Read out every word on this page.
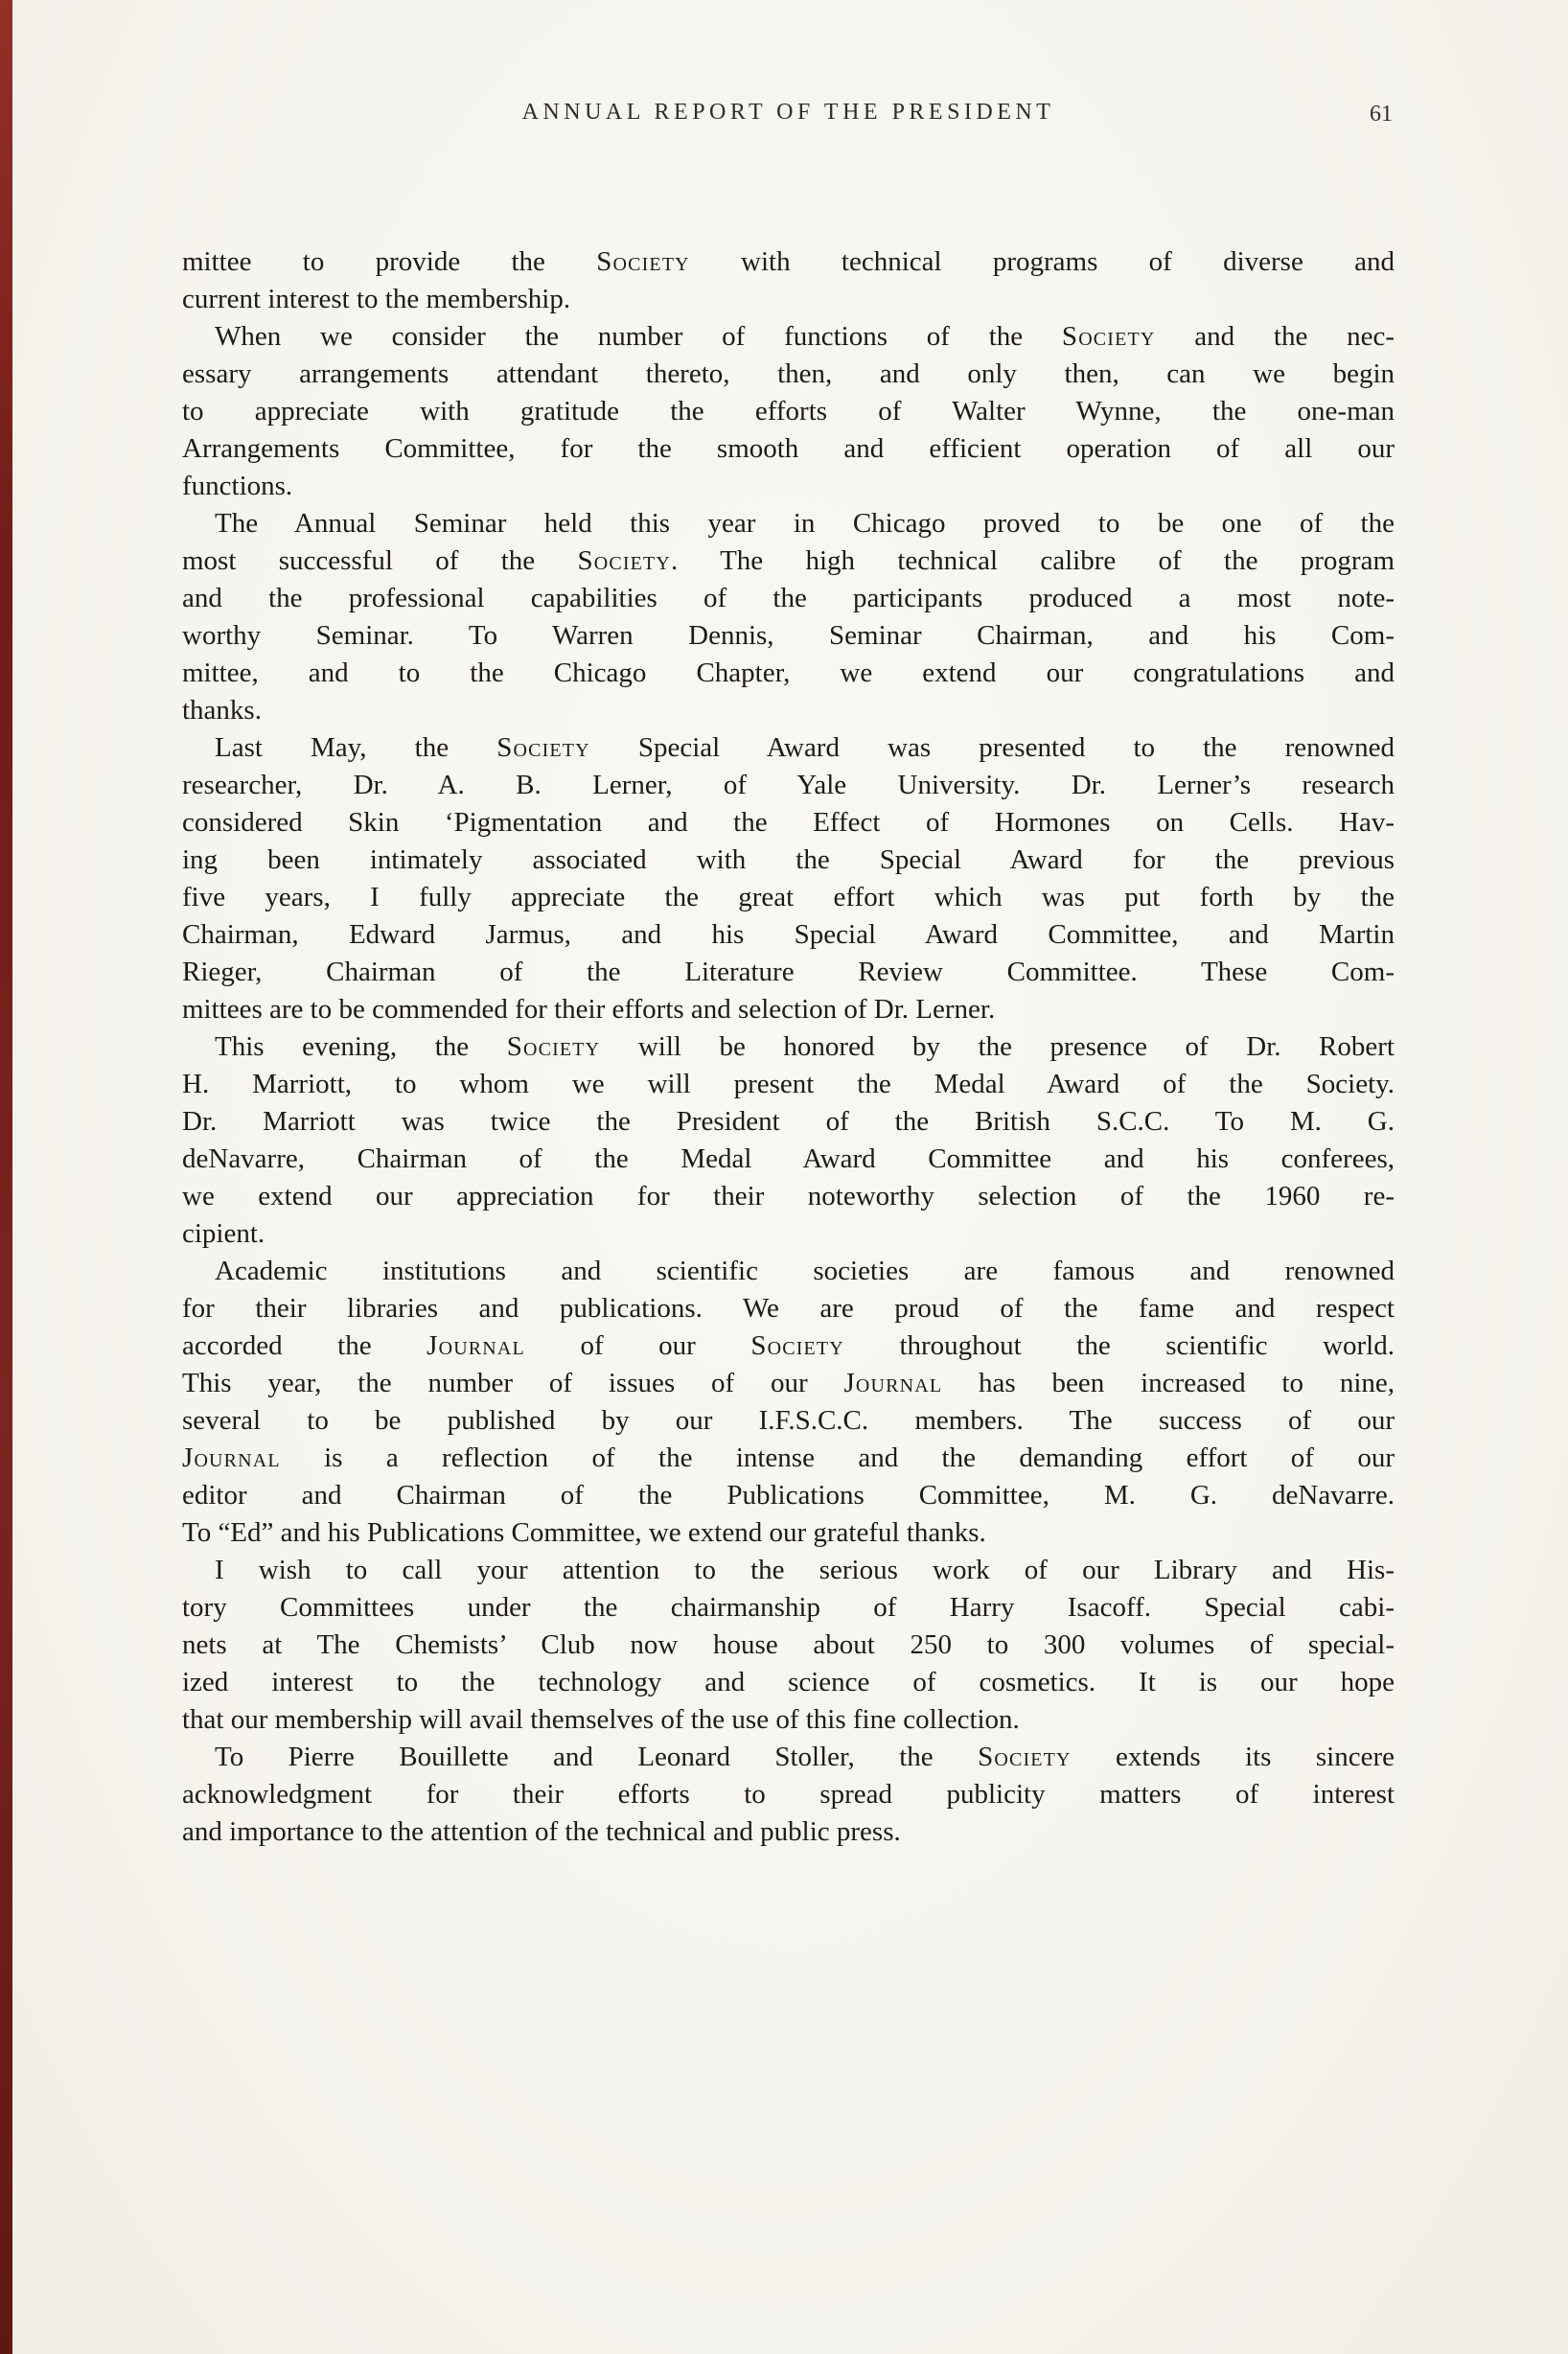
ANNUAL REPORT OF THE PRESIDENT	61

mittee to provide the Society with technical programs of diverse and
current interest to the membership.

When we consider the number of functions of the Society and the nec-
essary arrangements attendant thereto, then, and only then, can we begin
to appreciate with gratitude the efforts of Walter Wynne, the one-man
Arrangements Committee, for the smooth and efficient operation of all our
functions.

The Annual Seminar held this year in Chicago proved to be one of the
most successful of the Society. The high technical calibre of the program
and the professional capabilities of the participants produced a most note-
worthy Seminar. To Warren Dennis, Seminar Chairman, and his Com-
mittee, and to the Chicago Chapter, we extend our congratulations and
thanks.

Last May, the Society Special Award was presented to the renowned
researcher, Dr. A. B. Lerner, of Yale University. Dr. Lerner’s research
considered Skin ‘Pigmentation and the Effect of Hormones on Cells. Hav-
ing been intimately associated with the Special Award for the previous
five years, I fully appreciate the great effort which was put forth by the
Chairman, Edward Jarmus, and his Special Award Committee, and Martin
Rieger, Chairman of the Literature Review Committee. These Com-
mittees are to be commended for their efforts and selection of Dr. Lerner.

This evening, the Society will be honored by the presence of Dr. Robert
H. Marriott, to whom we will present the Medal Award of the Society.
Dr. Marriott was twice the President of the British S.C.C. To M. G.
deNavarre, Chairman of the Medal Award Committee and his conferees,
we extend our appreciation for their noteworthy selection of the 1960 re-
cipient.

Academic institutions and scientific societies are famous and renowned
for their libraries and publications. We are proud of the fame and respect
accorded the Journal of our Society throughout the scientific world.
This year, the number of issues of our Journal has been increased to nine,
several to be published by our I.F.S.C.C. members. The success of our
Journal is a reflection of the intense and the demanding effort of our
editor and Chairman of the Publications Committee, M. G. deNavarre.
To “Ed” and his Publications Committee, we extend our grateful thanks.

I wish to call your attention to the serious work of our Library and His-
tory Committees under the chairmanship of Harry Isacoff. Special cabi-
nets at The Chemists’ Club now house about 250 to 300 volumes of special-
ized interest to the technology and science of cosmetics. It is our hope
that our membership will avail themselves of the use of this fine collection.

To Pierre Bouillette and Leonard Stoller, the Society extends its sincere
acknowledgment for their efforts to spread publicity matters of interest
and importance to the attention of the technical and public press.
